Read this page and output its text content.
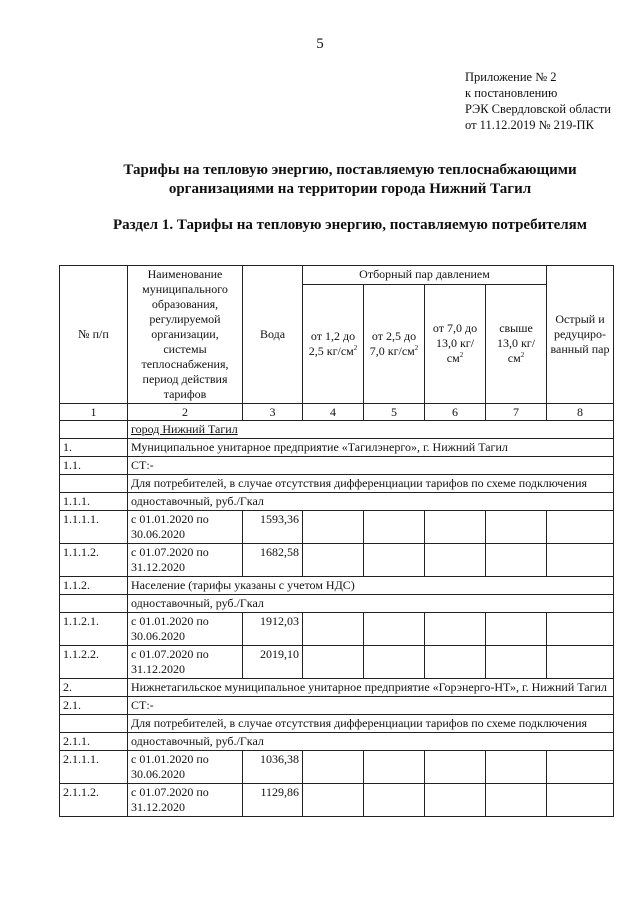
5
Приложение № 2
к постановлению
РЭК Свердловской области
от 11.12.2019 № 219-ПК
Тарифы на тепловую энергию, поставляемую теплоснабжающими
организациями на территории города Нижний Тагил
Раздел 1. Тарифы на тепловую энергию, поставляемую потребителям
№ п/п	Наименование муниципального образования, регулируемой организации, системы теплоснабжения, период действия тарифов	Вода	Отборный пар давлением				Острый и редуциро-ванный пар
			от 1,2 до 2,5 $кг/см^2$	от 2,5 до 7,0 $кг/см^2$	от 7,0 до 13,0 $кг/см^2$	свыше 13,0 $кг/см^2$
1	2	3	4	5	6	7	8
	город Нижний Тагил						
1.	Муниципальное унитарное предприятие «Тагилэнерго», г. Нижний Тагил						
1.1.	СТ:-						
	Для потребителей, в случае отсутствия дифференциации тарифов по схеме подключения						
1.1.1.	одноставочный, руб./Гкал						
1.1.1.1.	с 01.01.2020 по 30.06.2020	1593,36					
1.1.1.2.	с 01.07.2020 по 31.12.2020	1682,58					
1.1.2.	Население (тарифы указаны с учетом НДС)						
	одноставочный, руб./Гкал						
1.1.2.1.	с 01.01.2020 по 30.06.2020	1912,03					
1.1.2.2.	с 01.07.2020 по 31.12.2020	2019,10					
2.	Нижнетагильское муниципальное унитарное предприятие «Горэнерго-НТ», г. Нижний Тагил						
2.1.	СТ:-						
	Для потребителей, в случае отсутствия дифференциации тарифов по схеме подключения						
2.1.1.	одноставочный, руб./Гкал						
2.1.1.1.	с 01.01.2020 по 30.06.2020	1036,38					
2.1.1.2.	с 01.07.2020 по 31.12.2020	1129,86					
